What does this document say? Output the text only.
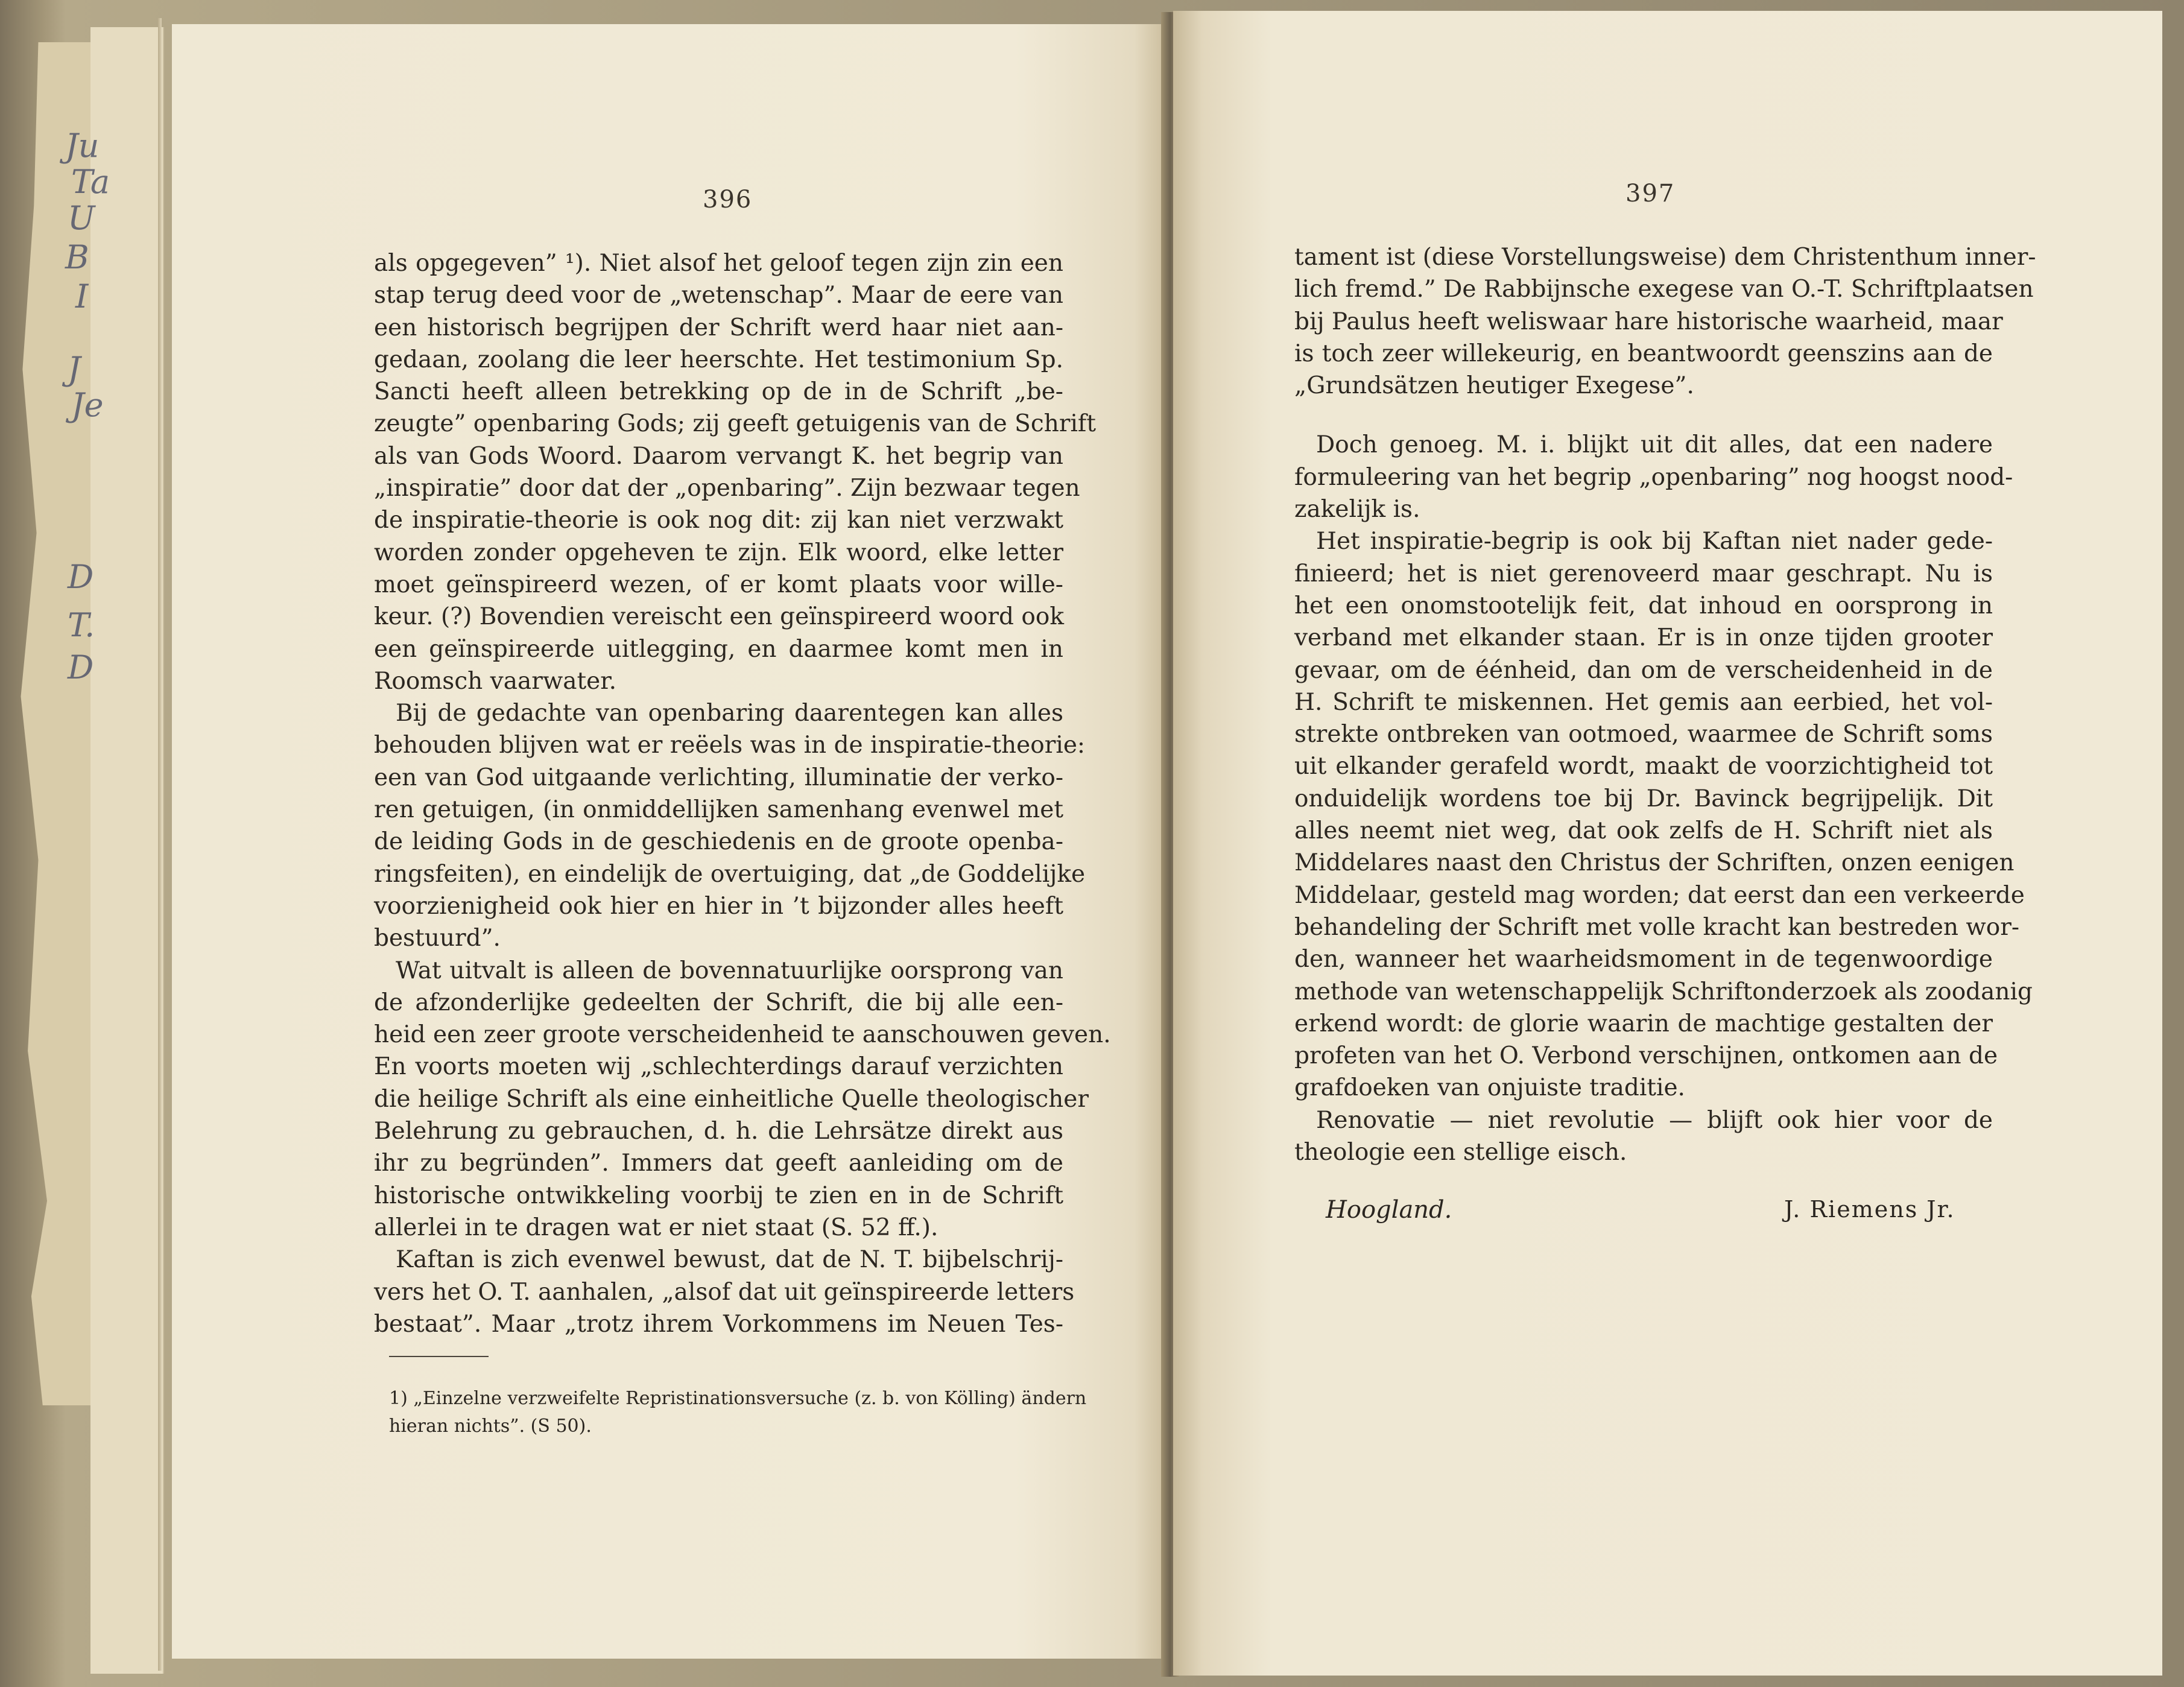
Ju
Ta
U
B
I
J
Je
D
T.
D
396
als opgegeven” ¹). Niet alsof het geloof tegen zijn zin een
stap terug deed voor de „wetenschap”. Maar de eere van
een historisch begrijpen der Schrift werd haar niet aan-
gedaan, zoolang die leer heerschte. Het testimonium Sp.
Sancti heeft alleen betrekking op de in de Schrift „be-
zeugte” openbaring Gods; zij geeft getuigenis van de Schrift
als van Gods Woord. Daarom vervangt K. het begrip van
„inspiratie” door dat der „openbaring”. Zijn bezwaar tegen
de inspiratie-theorie is ook nog dit: zij kan niet verzwakt
worden zonder opgeheven te zijn. Elk woord, elke letter
moet geïnspireerd wezen, of er komt plaats voor wille-
keur. (?) Bovendien vereischt een geïnspireerd woord ook
een geïnspireerde uitlegging, en daarmee komt men in
Roomsch vaarwater.
Bij de gedachte van openbaring daarentegen kan alles
behouden blijven wat er reëels was in de inspiratie-theorie:
een van God uitgaande verlichting, illuminatie der verko-
ren getuigen, (in onmiddellijken samenhang evenwel met
de leiding Gods in de geschiedenis en de groote openba-
ringsfeiten), en eindelijk de overtuiging, dat „de Goddelijke
voorzienigheid ook hier en hier in ’t bijzonder alles heeft
bestuurd”.
Wat uitvalt is alleen de bovennatuurlijke oorsprong van
de afzonderlijke gedeelten der Schrift, die bij alle een-
heid een zeer groote verscheidenheid te aanschouwen geven.
En voorts moeten wij „schlechterdings darauf verzichten
die heilige Schrift als eine einheitliche Quelle theologischer
Belehrung zu gebrauchen, d. h. die Lehrsätze direkt aus
ihr zu begründen”. Immers dat geeft aanleiding om de
historische ontwikkeling voorbij te zien en in de Schrift
allerlei in te dragen wat er niet staat (S. 52 ff.).
Kaftan is zich evenwel bewust, dat de N. T. bijbelschrij-
vers het O. T. aanhalen, „alsof dat uit geïnspireerde letters
bestaat”. Maar „trotz ihrem Vorkommens im Neuen Tes-
1) „Einzelne verzweifelte Repristinationsversuche (z. b. von Kölling) ändern
hieran nichts”. (S 50).
397
tament ist (diese Vorstellungsweise) dem Christenthum inner-
lich fremd.” De Rabbijnsche exegese van O.-T. Schriftplaatsen
bij Paulus heeft weliswaar hare historische waarheid, maar
is toch zeer willekeurig, en beantwoordt geenszins aan de
„Grundsätzen heutiger Exegese”.
Doch genoeg. M. i. blijkt uit dit alles, dat een nadere
formuleering van het begrip „openbaring” nog hoogst nood-
zakelijk is.
Het inspiratie-begrip is ook bij Kaftan niet nader gede-
finieerd; het is niet gerenoveerd maar geschrapt. Nu is
het een onomstootelijk feit, dat inhoud en oorsprong in
verband met elkander staan. Er is in onze tijden grooter
gevaar, om de éénheid, dan om de verscheidenheid in de
H. Schrift te miskennen. Het gemis aan eerbied, het vol-
strekte ontbreken van ootmoed, waarmee de Schrift soms
uit elkander gerafeld wordt, maakt de voorzichtigheid tot
onduidelijk wordens toe bij Dr. Bavinck begrijpelijk. Dit
alles neemt niet weg, dat ook zelfs de H. Schrift niet als
Middelares naast den Christus der Schriften, onzen eenigen
Middelaar, gesteld mag worden; dat eerst dan een verkeerde
behandeling der Schrift met volle kracht kan bestreden wor-
den, wanneer het waarheidsmoment in de tegenwoordige
methode van wetenschappelijk Schriftonderzoek als zoodanig
erkend wordt: de glorie waarin de machtige gestalten der
profeten van het O. Verbond verschijnen, ontkomen aan de
grafdoeken van onjuiste traditie.
Renovatie — niet revolutie — blijft ook hier voor de
theologie een stellige eisch.
Hoogland.	J. Riemens Jr.
